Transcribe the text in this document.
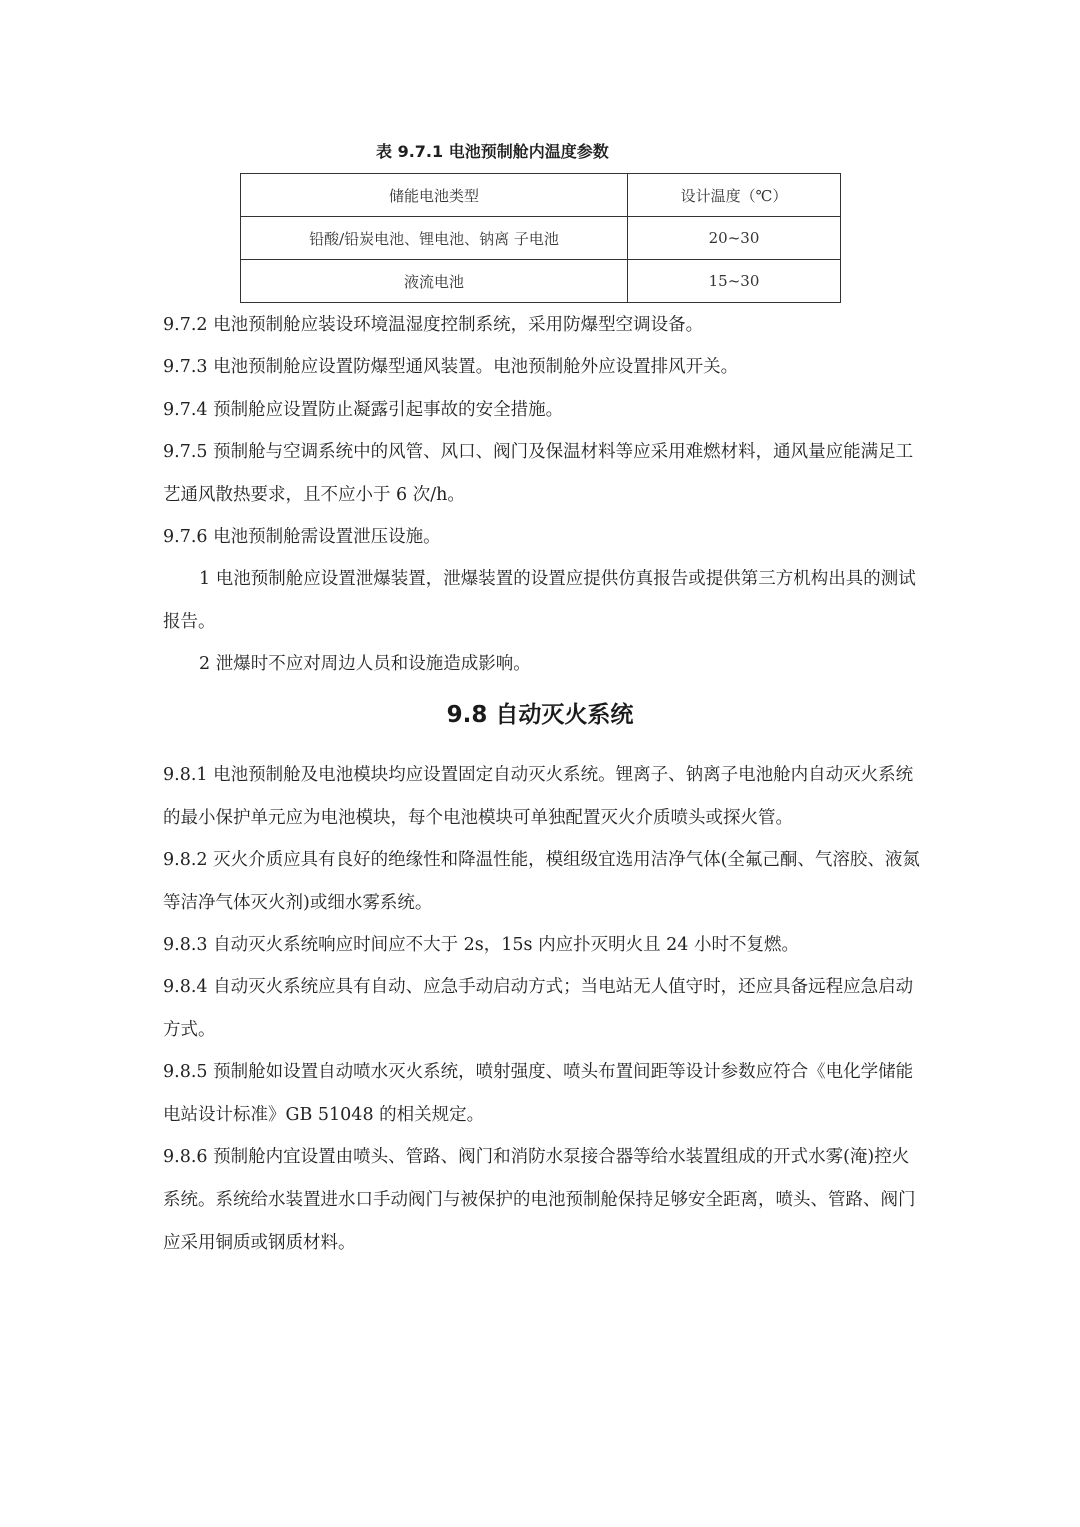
表 9.7.1 电池预制舱内温度参数
储能电池类型	设计温度（℃）
铅酸/铅炭电池、锂电池、钠离 子电池	20~30
液流电池	15~30

9.7.2 电池预制舱应装设环境温湿度控制系统，采用防爆型空调设备。

9.7.3 电池预制舱应设置防爆型通风装置。电池预制舱外应设置排风开关。

9.7.4 预制舱应设置防止凝露引起事故的安全措施。

9.7.5 预制舱与空调系统中的风管、风口、阀门及保温材料等应采用难燃材料，通风量应能满足工艺通风散热要求，且不应小于 6 次/h。

9.7.6 电池预制舱需设置泄压设施。

1 电池预制舱应设置泄爆装置，泄爆装置的设置应提供仿真报告或提供第三方机构出具的测试报告。

2 泄爆时不应对周边人员和设施造成影响。

9.8 自动灭火系统

9.8.1 电池预制舱及电池模块均应设置固定自动灭火系统。锂离子、钠离子电池舱内自动灭火系统的最小保护单元应为电池模块，每个电池模块可单独配置灭火介质喷头或探火管。

9.8.2 灭火介质应具有良好的绝缘性和降温性能，模组级宜选用洁净气体(全氟己酮、气溶胶、液氮等洁净气体灭火剂)或细水雾系统。

9.8.3 自动灭火系统响应时间应不大于 2s，15s 内应扑灭明火且 24 小时不复燃。

9.8.4 自动灭火系统应具有自动、应急手动启动方式；当电站无人值守时，还应具备远程应急启动方式。

9.8.5 预制舱如设置自动喷水灭火系统，喷射强度、喷头布置间距等设计参数应符合《电化学储能电站设计标准》GB 51048 的相关规定。

9.8.6 预制舱内宜设置由喷头、管路、阀门和消防水泵接合器等给水装置组成的开式水雾(淹)控火系统。系统给水装置进水口手动阀门与被保护的电池预制舱保持足够安全距离，喷头、管路、阀门应采用铜质或钢质材料。
